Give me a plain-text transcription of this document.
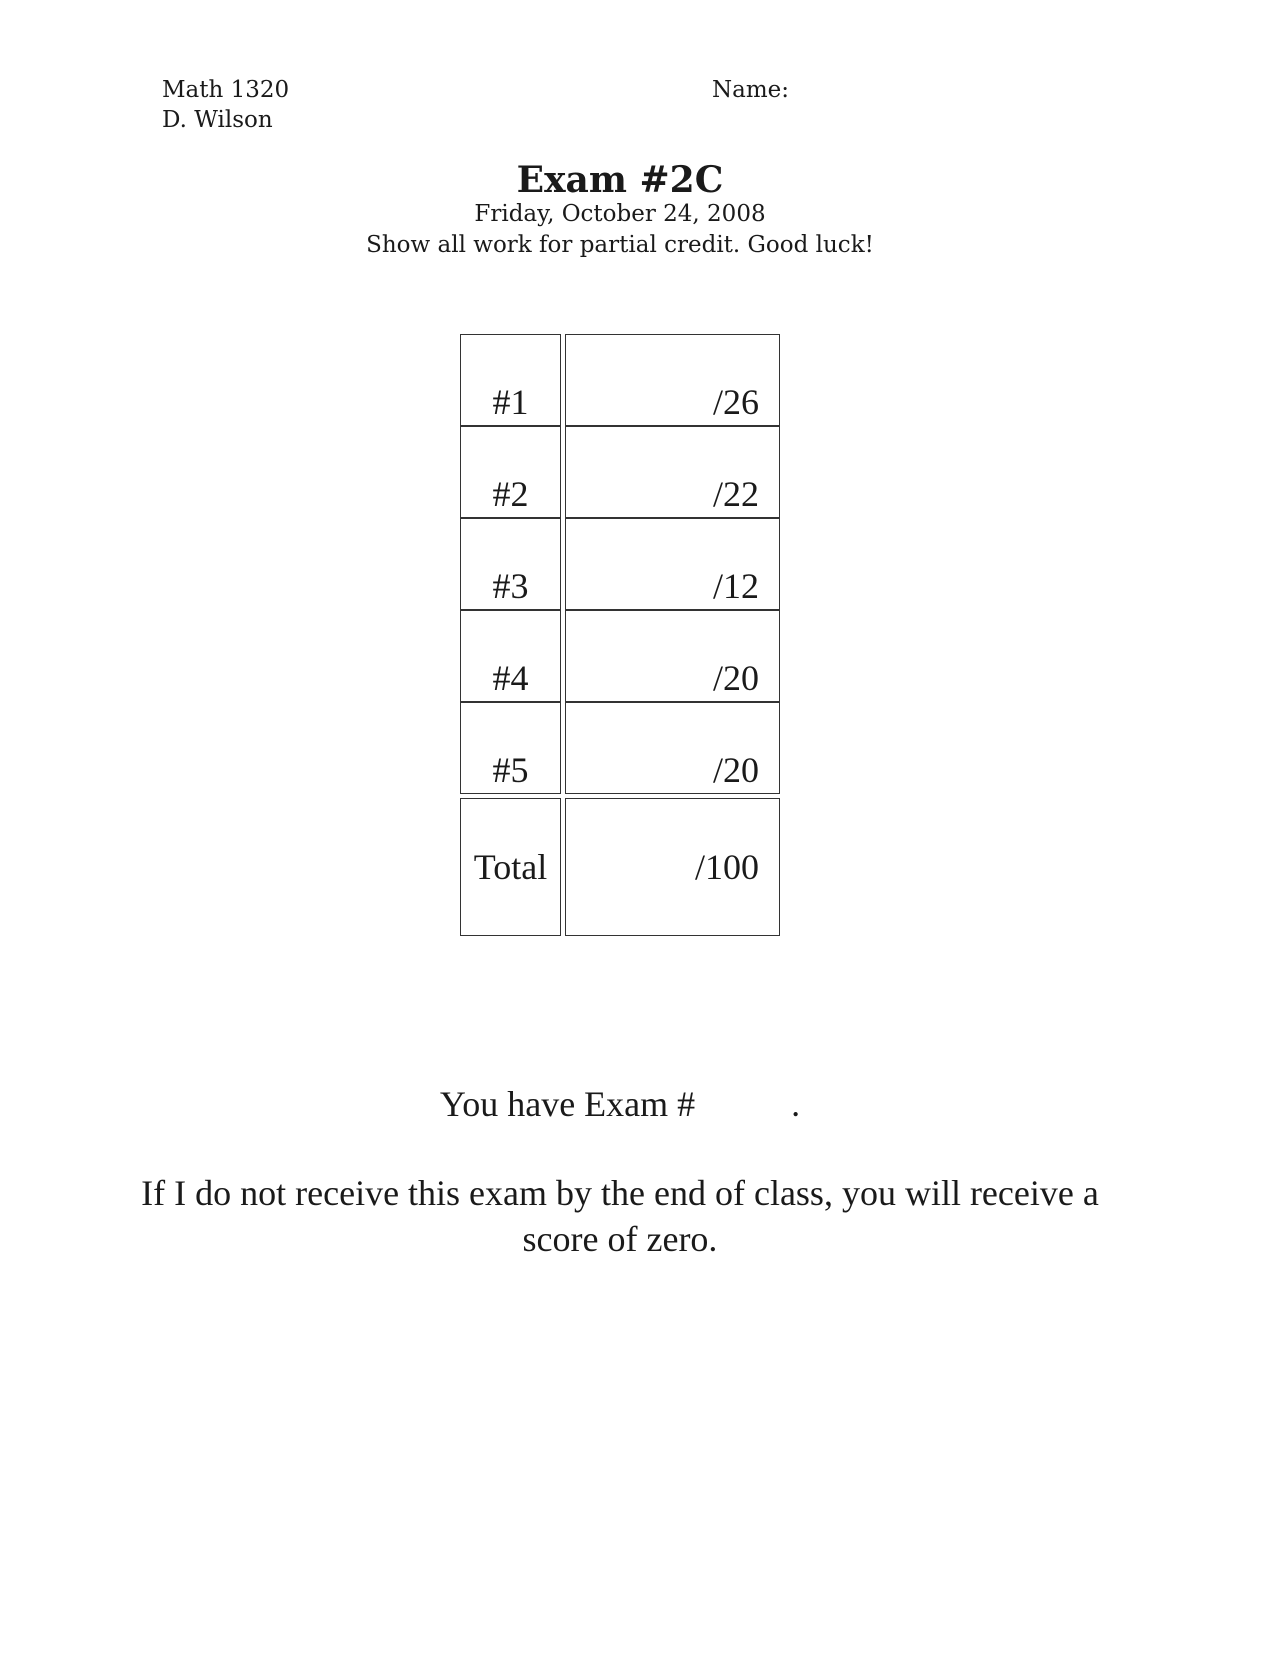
Math 1320
D. Wilson
Name:
Exam #2C
Friday, October 24, 2008
Show all work for partial credit. Good luck!
#1	/26
#2	/22
#3	/12
#4	/20
#5	/20
Total	/100
You have Exam #	.
If I do not receive this exam by the end of class, you will receive a score of zero.
